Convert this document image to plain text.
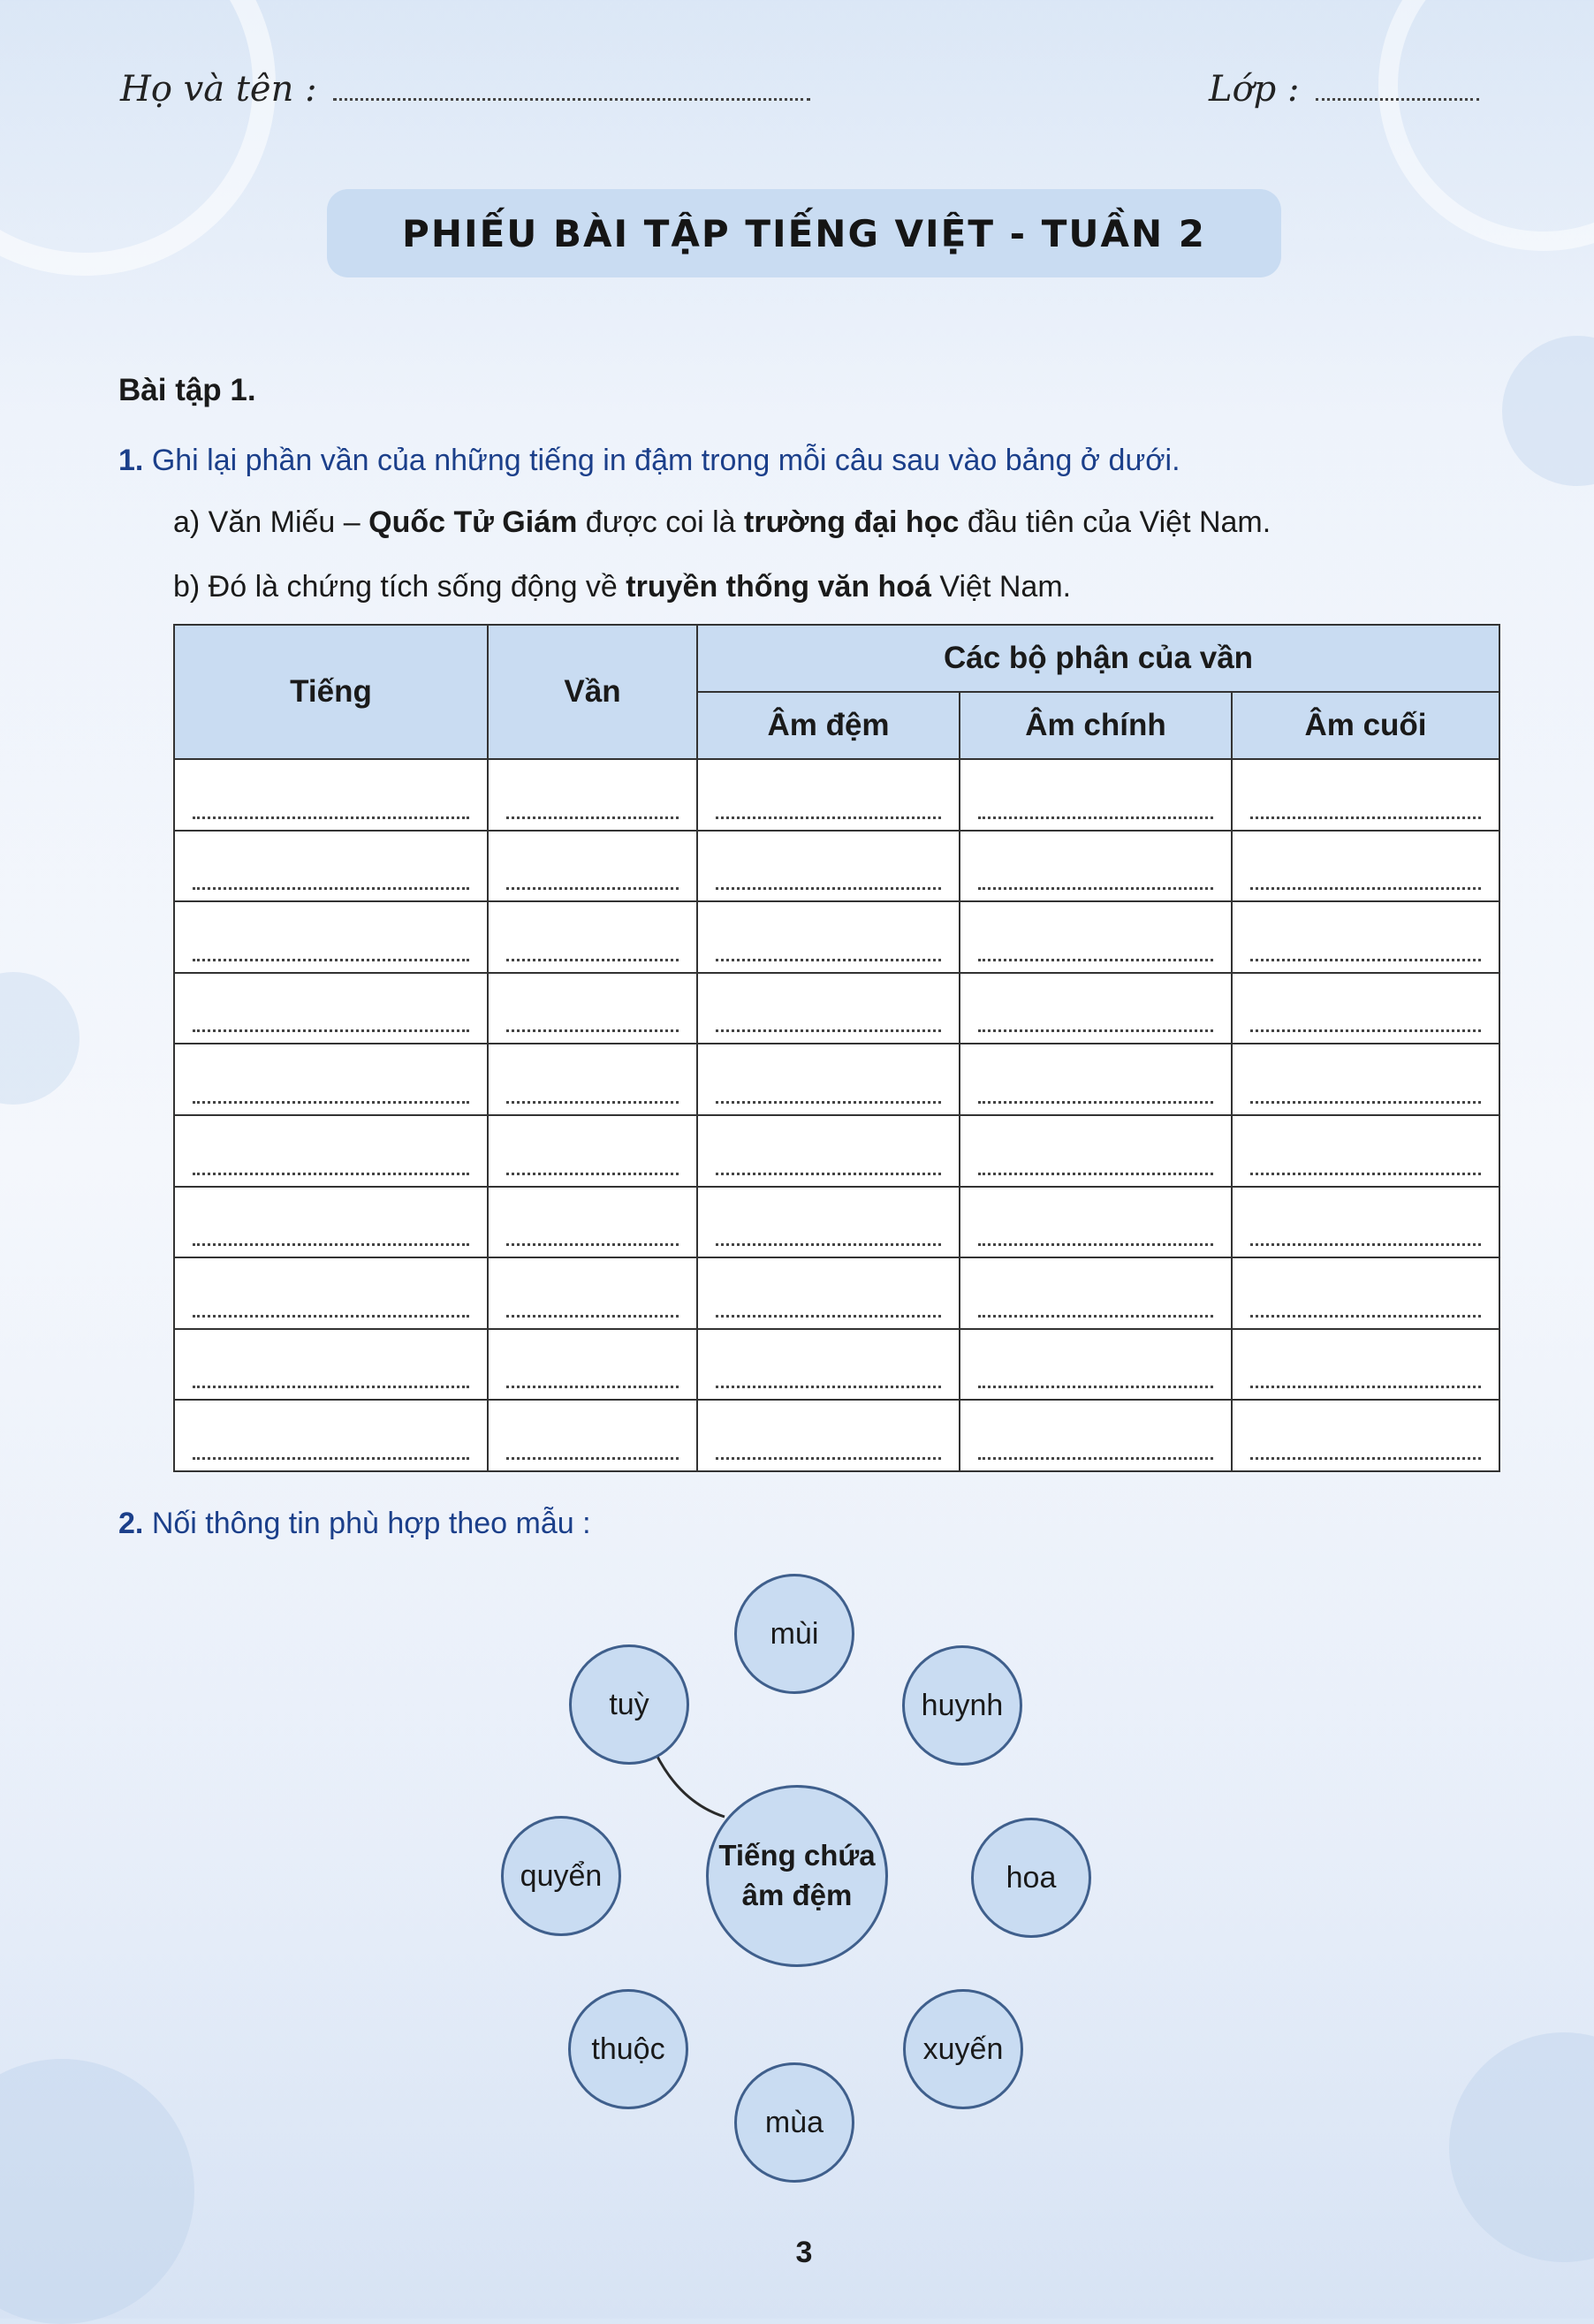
Họ và tên :	Lớp :
PHIẾU BÀI TẬP TIẾNG VIỆT - TUẦN 2
Bài tập 1.
1. Ghi lại phần vần của những tiếng in đậm trong mỗi câu sau vào bảng ở dưới.
a) Văn Miếu – Quốc Tử Giám được coi là trường đại học đầu tiên của Việt Nam.
b) Đó là chứng tích sống động về truyền thống văn hoá Việt Nam.
Tiếng	Vần	Các bộ phận của vần		
		Âm đệm	Âm chính	Âm cuối

2. Nối thông tin phù hợp theo mẫu :
mùi
huynh
hoa
xuyến
mùa
thuộc
quyển
tuỳ
Tiếng chứa
âm đệm
3
